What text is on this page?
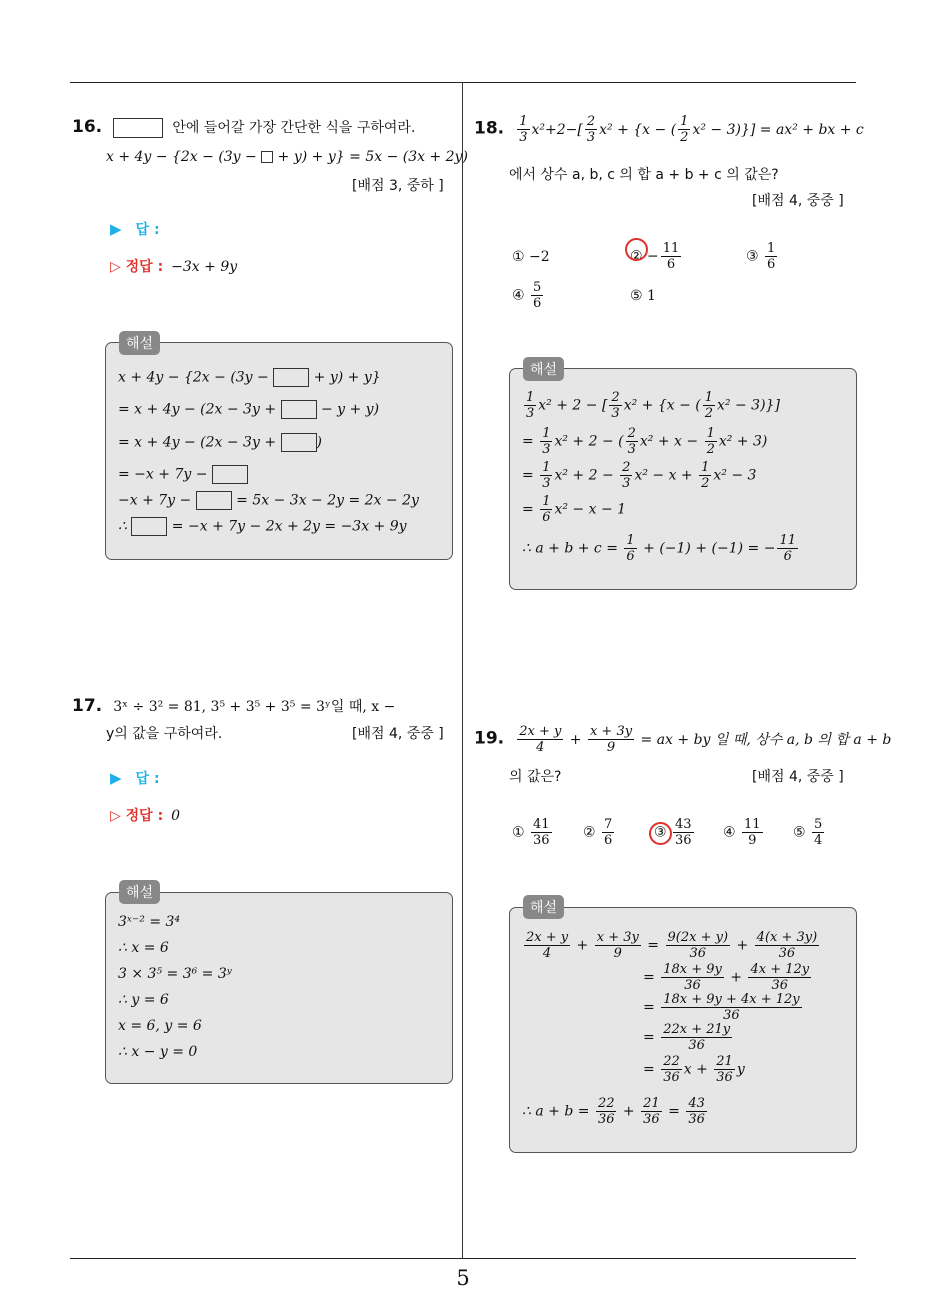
5
16.	안에 들어갈 가장 간단한 식을 구하여라.
x + 4y − {2x − (3y −  + y) + y} = 5x − (3x + 2y)
[배점 3, 중하 ]
▶ 답 :
▷ 정답 : −3x + 9y
해설
x + 4y − {2x − (3y −	+ y) + y}
= x + 4y − (2x − 3y +	− y + y)
= x + 4y − (2x − 3y +	)
= −x + 7y −
−x + 7y −	= 5x − 3x − 2y = 2x − 2y
∴	= −x + 7y − 2x + 2y = −3x + 9y
17. 3ˣ ÷ 3² = 81, 3⁵ + 3⁵ + 3⁵ = 3ʸ일 때, x −
y의 값을 구하여라.	[배점 4, 중중 ]
▶ 답 :
▷ 정답 : 0
해설
3ˣ⁻² = 3⁴
∴ x = 6
3 × 3⁵ = 3⁶ = 3ʸ
∴ y = 6
x = 6, y = 6
∴ x − y = 0
18. $\frac{1}{3} x^2+2-[ \frac{2}{3} x^2 + \{x$ − ( $\frac{1}{2} x^2 - 3)\}] = ax^2$ + bx + c
에서 상수 a, b, c 의 합 a + b + c 의 값은?
[배점 4, 중중 ]
① −2	② − $\frac{11}{6}$	③ $\frac{1}{6}$
④ $\frac{5}{6}$	⑤ 1
해설
$\frac{1}{3} x^2 + 2$ − [ $\frac{2}{3} x^2 + \{x$ − ( $\frac{1}{2} x^2 - 3$)}]
= $\frac{1}{3} x^2 + 2$ − ( $\frac{2}{3} x^2 + x - \frac{1}{2} x^2 + 3$)
= $\frac{1}{3} x^2 + 2 - \frac{2}{3} x^2 - x + \frac{1}{2} x^2 - 3$
= $\frac{1}{6} x^2 - x - 1$
∴ $a + b + c = \frac{1}{6} + (-1) + (-1)$ = − $\frac{11}{6}$
19. $\frac{2x + y}{4} + \frac{x + 3y}{9}$ = ax + by 일 때, 상수 a, b 의 합 a + b
의 값은?	[배점 4, 중중 ]
① $\frac{41}{36}$ ② $\frac{7}{6}$	③ $\frac{43}{36}$ ④ $\frac{11}{9}$ ⑤ $\frac{5}{4}$
해설
$\frac{2x + y}{4} + \frac{x + 3y}{9} = \frac{9(2x + y)}{36} + \frac{4(x + 3y)}{36}$
= $\frac{18x + 9y}{36} + \frac{4x + 12y}{36}$
= $\frac{18x + 9y + 4x + 12y}{36}$
= $\frac{22x + 21y}{36}$
= $\frac{22}{36}$ $x + \frac{21}{36}$ y
∴ $a + b = \frac{22}{36} + \frac{21}{36} = \frac{43}{36}$
